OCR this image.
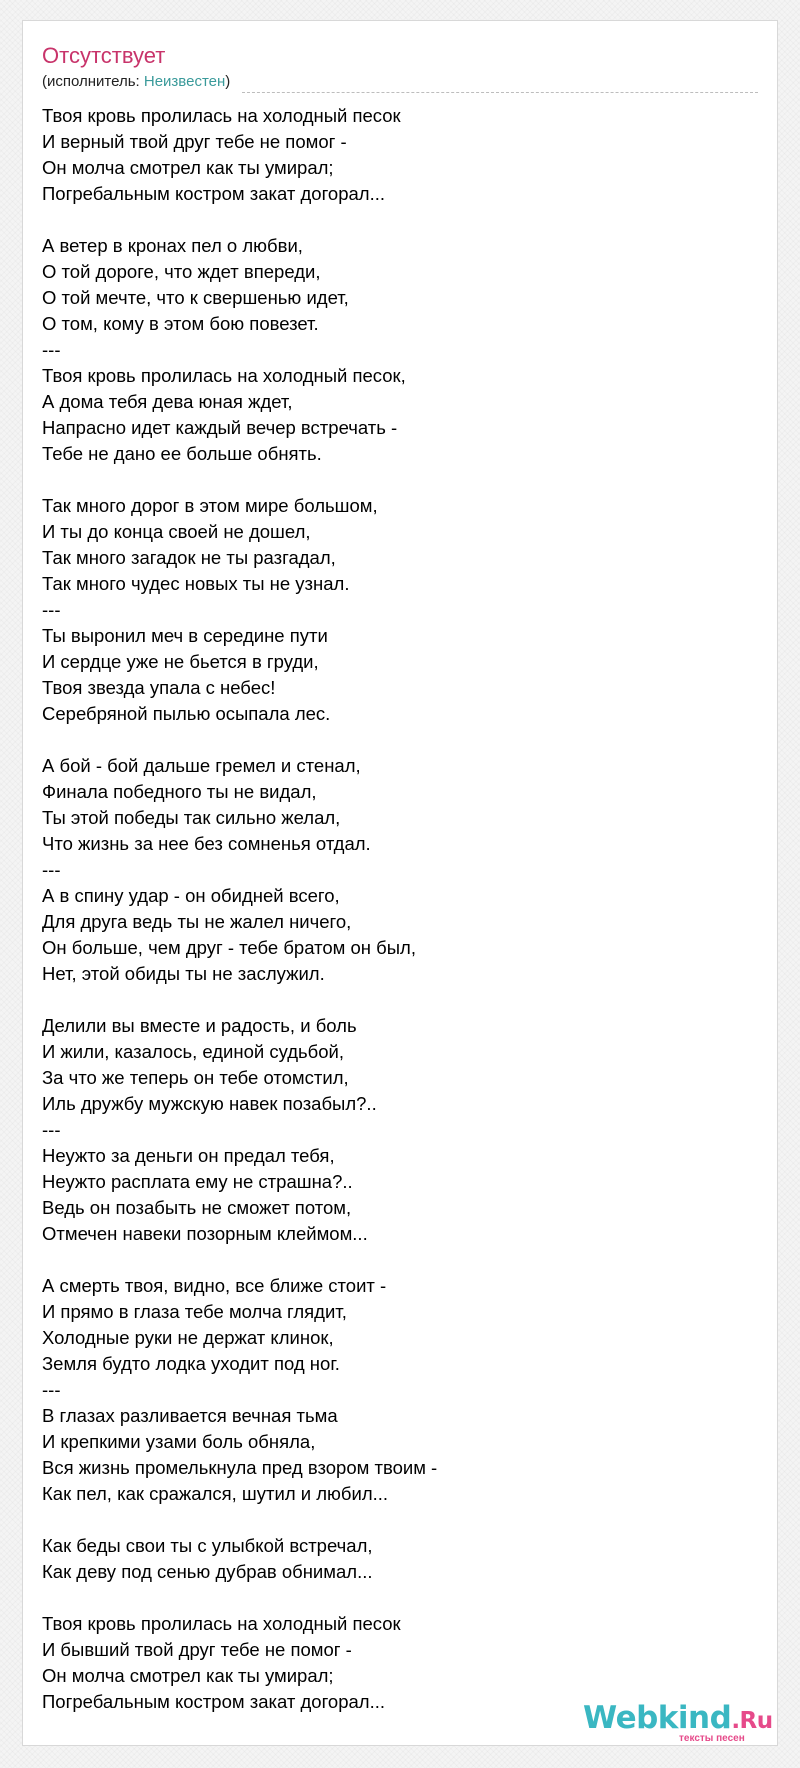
Отсутствует
(исполнитель: Неизвестен)
Твоя кровь пролилась на холодный песок
И верный твой друг тебе не помог -
Он молча смотрел как ты умирал;
Погребальным костром закат догорал...
А ветер в кронах пел о любви,
О той дороге, что ждет впереди,
О той мечте, что к свершенью идет,
О том, кому в этом бою повезет.
---
Твоя кровь пролилась на холодный песок,
А дома тебя дева юная ждет,
Напрасно идет каждый вечер встречать -
Тебе не дано ее больше обнять.
Так много дорог в этом мире большом,
И ты до конца своей не дошел,
Так много загадок не ты разгадал,
Так много чудес новых ты не узнал.
---
Ты выронил меч в середине пути
И сердце уже не бьется в груди,
Твоя звезда упала с небес!
Серебряной пылью осыпала лес.
А бой - бой дальше гремел и стенал,
Финала победного ты не видал,
Ты этой победы так сильно желал,
Что жизнь за нее без сомненья отдал.
---
А в спину удар - он обидней всего,
Для друга ведь ты не жалел ничего,
Он больше, чем друг - тебе братом он был,
Нет, этой обиды ты не заслужил.
Делили вы вместе и радость, и боль
И жили, казалось, единой судьбой,
За что же теперь он тебе отомстил,
Иль дружбу мужскую навек позабыл?..
---
Неужто за деньги он предал тебя,
Неужто расплата ему не страшна?..
Ведь он позабыть не сможет потом,
Отмечен навеки позорным клеймом...
А смерть твоя, видно, все ближе стоит -
И прямо в глаза тебе молча глядит,
Холодные руки не держат клинок,
Земля будто лодка уходит под ног.
---
В глазах разливается вечная тьма
И крепкими узами боль обняла,
Вся жизнь промелькнула пред взором твоим -
Как пел, как сражался, шутил и любил...
Как беды свои ты с улыбкой встречал,
Как деву под сенью дубрав обнимал...
Твоя кровь пролилась на холодный песок
И бывший твой друг тебе не помог -
Он молча смотрел как ты умирал;
Погребальным костром закат догорал...	Webkind.Ru
тексты песен
